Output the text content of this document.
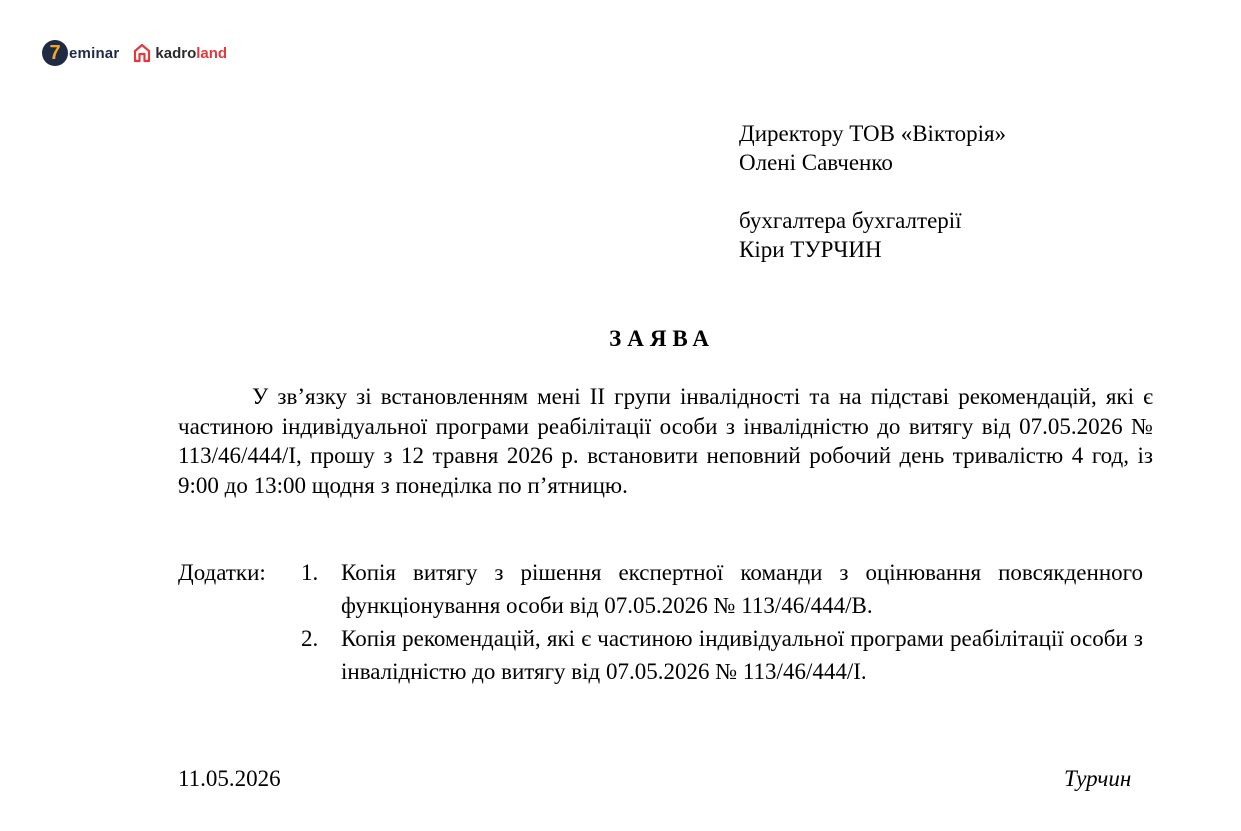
7 eminar kadro land
Директору ТОВ «Вікторія»
Олені Савченко
бухгалтера бухгалтерії
Кіри ТУРЧИН
ЗАЯВА

У зв’язку зі встановленням мені ІІ групи інвалідності та на підставі рекомендацій, які є частиною індивідуальної програми реабілітації особи з інвалідністю до витягу від 07.05.2026 № 113/46/444/І, прошу з 12 травня 2026 р. встановити неповний робочий день тривалістю 4 год, із 9:00 до 13:00 щодня з понеділка по п’ятницю.

Додатки: 1. Копія витягу з рішення експертної команди з оцінювання повсякденного функціонування особи від 07.05.2026 № 113/46/444/В.
2. Копія рекомендацій, які є частиною індивідуальної програми реабілітації особи з інвалідністю до витягу від 07.05.2026 № 113/46/444/І.
11.05.2026	Турчин
